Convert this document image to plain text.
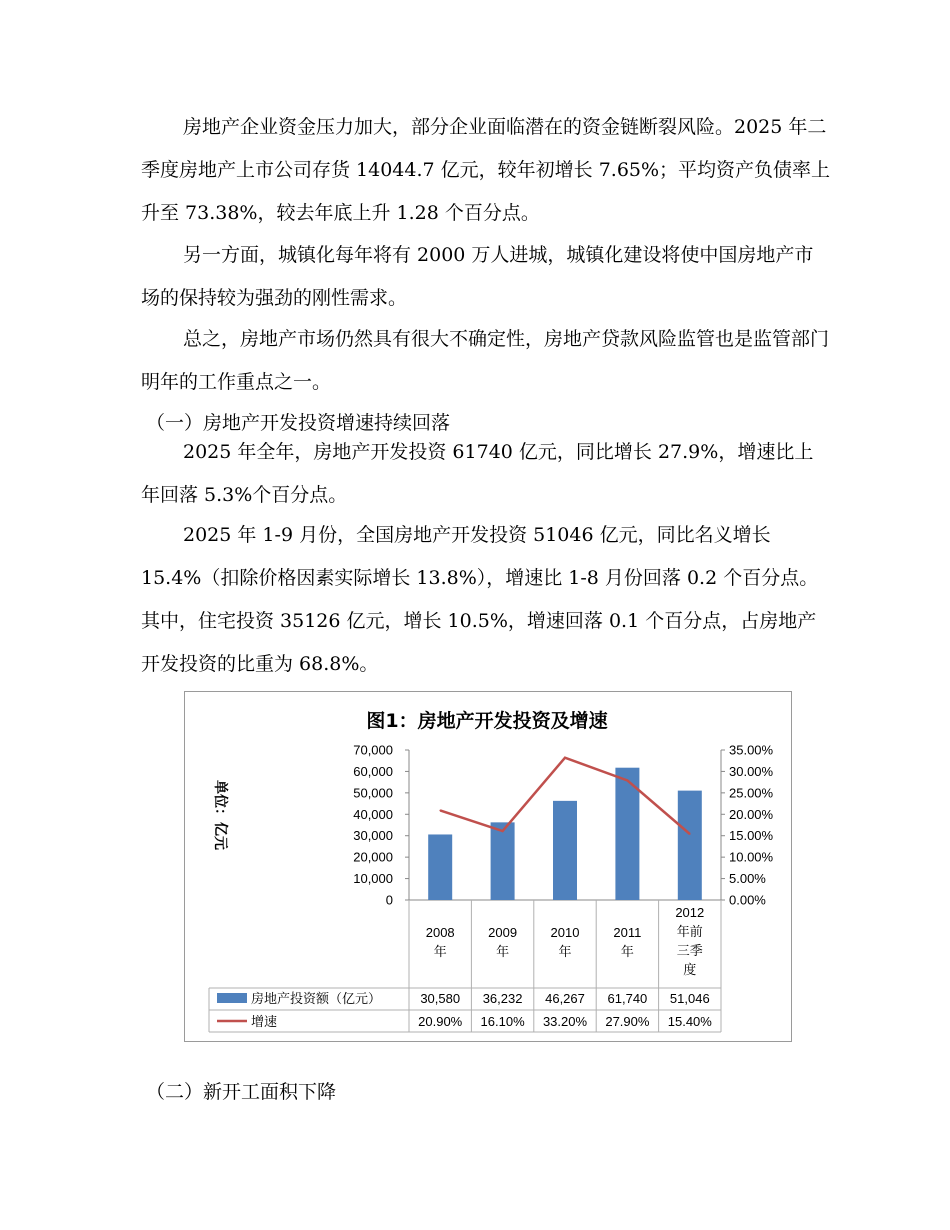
房地产企业资金压力加大，部分企业面临潜在的资金链断裂风险。2025 年二季度房地产上市公司存货 14044.7 亿元，较年初增长 7.65%；平均资产负债率上升至 73.38%，较去年底上升 1.28 个百分点。

另一方面，城镇化每年将有 2000 万人进城，城镇化建设将使中国房地产市场的保持较为强劲的刚性需求。

总之，房地产市场仍然具有很大不确定性，房地产贷款风险监管也是监管部门明年的工作重点之一。

（一）房地产开发投资增速持续回落

2025 年全年，房地产开发投资 61740 亿元，同比增长 27.9%，增速比上年回落 5.3%个百分点。

2025 年 1-9 月份，全国房地产开发投资 51046 亿元，同比名义增长 15.4%（扣除价格因素实际增长 13.8%），增速比 1-8 月份回落 0.2 个百分点。其中，住宅投资 35126 亿元，增长 10.5%，增速回落 0.1 个百分点，占房地产开发投资的比重为 68.8%。

图1：房地产开发投资及增速
单位：亿元
70,000
60,000
50,000
40,000
30,000
20,000
10,000
0
35.00%
30.00%
25.00%
20.00%
15.00%
10.00%
5.00%
0.00%
2008 年
2009 年
2010 年
2011 年
2012 年前三季度
房地产投资额（亿元）
增速
30,580 36,232 46,267 61,740 51,046
20.90% 16.10% 33.20% 27.90% 15.40%

（二）新开工面积下降
